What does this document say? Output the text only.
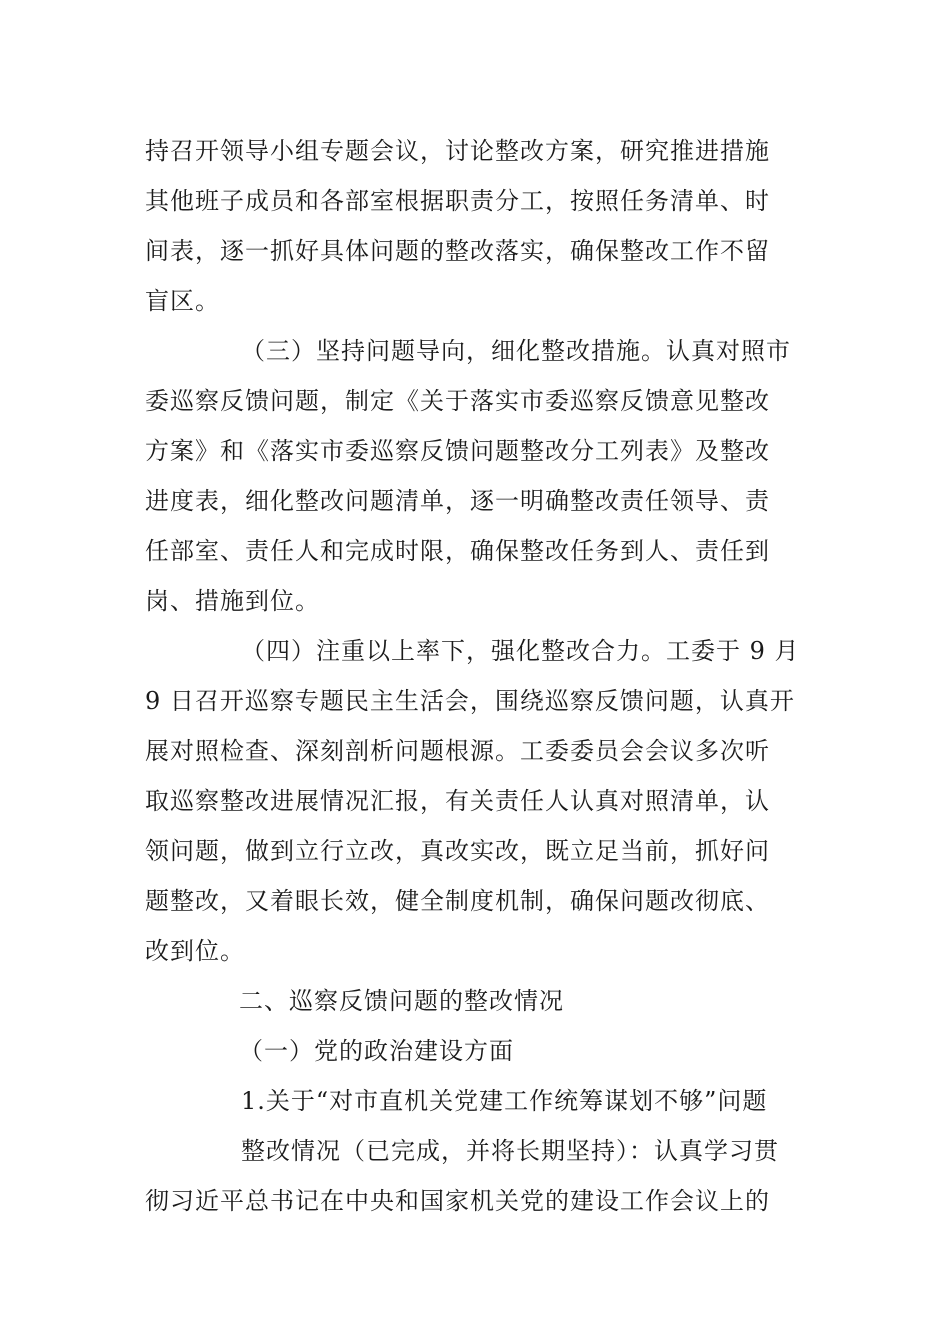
持召开领导小组专题会议，讨论整改方案，研究推进措施
其他班子成员和各部室根据职责分工，按照任务清单、时
间表，逐一抓好具体问题的整改落实，确保整改工作不留
盲区。
（三）坚持问题导向，细化整改措施。认真对照市
委巡察反馈问题，制定《关于落实市委巡察反馈意见整改
方案》和《落实市委巡察反馈问题整改分工列表》及整改
进度表，细化整改问题清单，逐一明确整改责任领导、责
任部室、责任人和完成时限，确保整改任务到人、责任到
岗、措施到位。
（四）注重以上率下，强化整改合力。工委于 9 月
9 日召开巡察专题民主生活会，围绕巡察反馈问题，认真开
展对照检查、深刻剖析问题根源。工委委员会会议多次听
取巡察整改进展情况汇报，有关责任人认真对照清单，认
领问题，做到立行立改，真改实改，既立足当前，抓好问
题整改，又着眼长效，健全制度机制，确保问题改彻底、
改到位。
二、巡察反馈问题的整改情况
（一）党的政治建设方面
1.关于“对市直机关党建工作统筹谋划不够”问题
整改情况（已完成，并将长期坚持）：认真学习贯
彻习近平总书记在中央和国家机关党的建设工作会议上的
